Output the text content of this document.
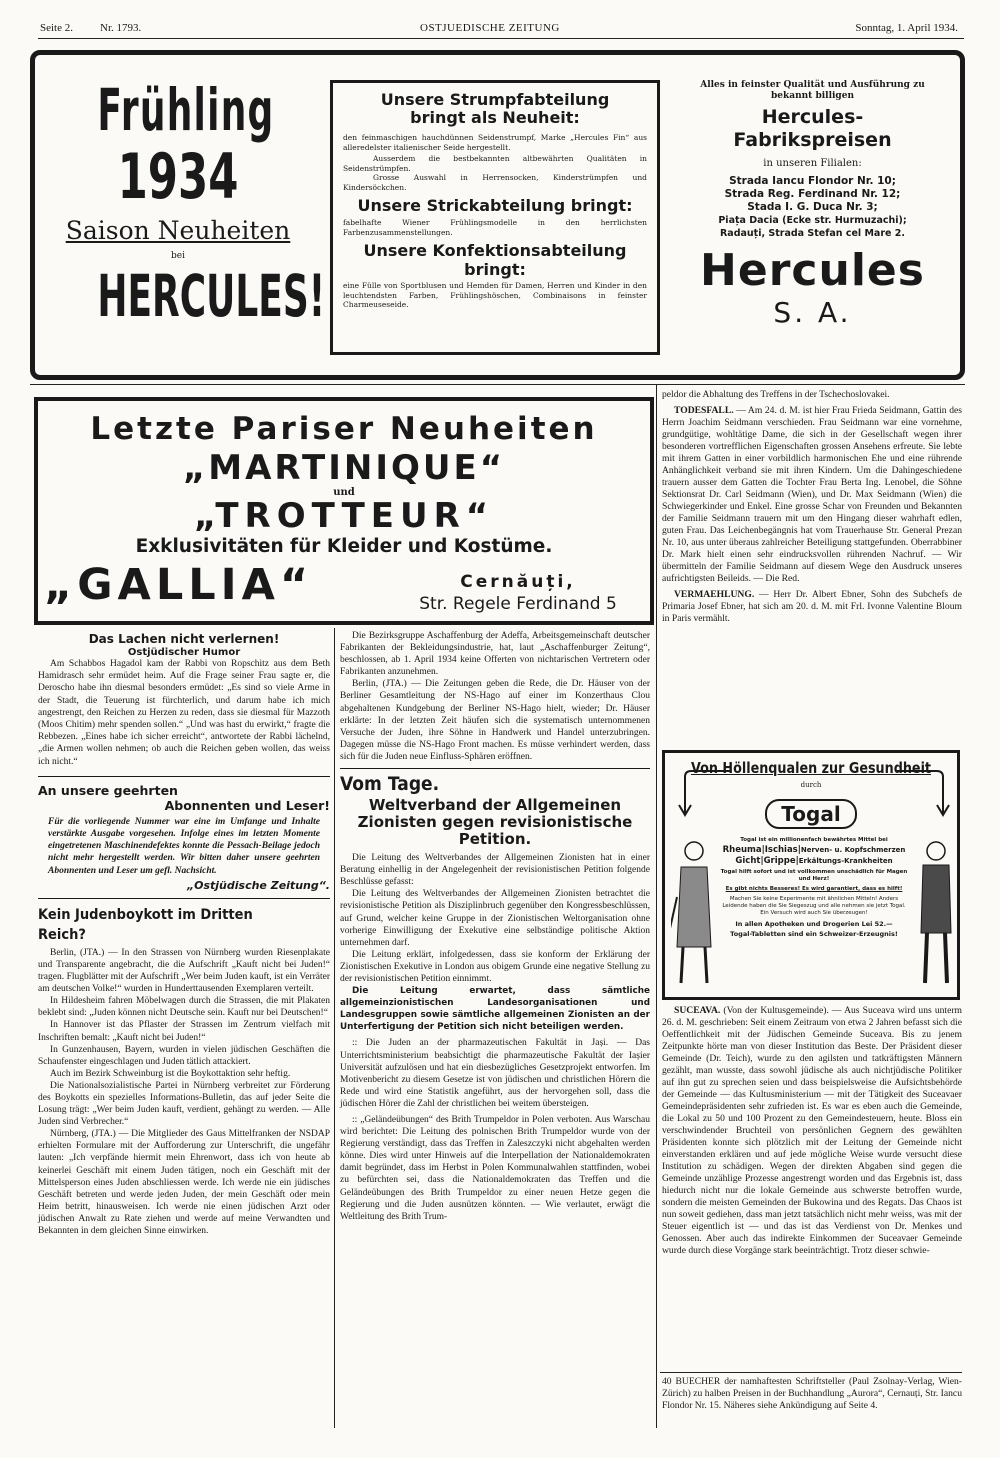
Seite 2. Nr. 1793.	OSTJUEDISCHE ZEITUNG	Sonntag, 1. April 1934.
Frühling
1934
Saison Neuheiten
bei
HERCULES!
Unsere Strumpfabteilung bringt als Neuheit:
den feinmaschigen hauchdünnen Seidenstrumpf, Marke „Hercules Fin“ aus alleredelster italienischer Seide hergestellt.
Ausserdem die bestbekannten altbewährten Qualitäten in Seidenstrümpfen.
Grosse Auswahl in Herrensocken, Kinderstrümpfen und Kindersöckchen.
Unsere Strickabteilung bringt:
fabelhafte Wiener Frühlingsmodelle in den herrlichsten Farbenzusammenstellungen.
Unsere Konfektionsabteilung bringt:
eine Fülle von Sportblusen und Hemden für Damen, Herren und Kinder in den leuchtendsten Farben, Frühlingshöschen, Combinaisons in feinster Charmeuseseide.
Alles in feinster Qualität und Ausführung zu bekannt billigen
Hercules-Fabrikspreisen
in unseren Filialen:
Strada Iancu Flondor Nr. 10;
Strada Reg. Ferdinand Nr. 12;
Stada I. G. Duca Nr. 3;
Piața Dacia (Ecke str. Hurmuzachi);
Radauți, Strada Stefan cel Mare 2.
Hercules
S. A.
Letzte Pariser Neuheiten
„MARTINIQUE“
und
„TROTTEUR“
Exklusivitäten für Kleider und Kostüme.
„GALLIA“	Cernăuți,
Str. Regele Ferdinand 5

peldor die Abhaltung des Treffens in der Tschechoslovakei.

TODESFALL. — Am 24. d. M. ist hier Frau Frieda Seidmann, Gattin des Herrn Joachim Seidmann verschieden. Frau Seidmann war eine vornehme, grundgütige, wohltätige Dame, die sich in der Gesellschaft wegen ihrer besonderen vortrefflichen Eigenschaften grossen Ansehens erfreute. Sie lebte mit ihrem Gatten in einer vorbildlich harmonischen Ehe und eine rührende Anhänglichkeit verband sie mit ihren Kindern. Um die Dahingeschiedene trauern ausser dem Gatten die Tochter Frau Berta Ing. Lenobel, die Söhne Sektionsrat Dr. Carl Seidmann (Wien), und Dr. Max Seidmann (Wien) die Schwiegerkinder und Enkel. Eine grosse Schar von Freunden und Bekannten der Familie Seidmann trauern mit um den Hingang dieser wahrhaft edlen, guten Frau. Das Leichenbegängnis hat vom Trauerhause Str. General Prezan Nr. 10, aus unter überaus zahlreicher Beteiligung stattgefunden. Oberrabbiner Dr. Mark hielt einen sehr eindrucksvollen rührenden Nachruf. — Wir übermitteln der Familie Seidmann auf diesem Wege den Ausdruck unseres aufrichtigsten Beileids. — Die Red.

VERMAEHLUNG. — Herr Dr. Albert Ebner, Sohn des Subchefs de Primaria Josef Ebner, hat sich am 20. d. M. mit Frl. Ivonne Valentine Bloum in Paris vermählt.

Von Höllenqualen zur Gesundheit
durch
Togal
Togal ist ein millionenfach bewährtes Mittel bei
Rheuma | Ischias | Nerven- u. Kopfschmerzen
Gicht | Grippe | Erkältungs-Krankheiten
Togal hilft sofort und ist vollkommen unschädlich für Magen und Herz!
Es gibt nichts Besseres! Es wird garantiert, dass es hilft!
Machen Sie keine Experimente mit ähnlichen Mitteln! Anders Leidende haben die Sie Siegeszug und alle nehmen sie jetzt Togal. Ein Versuch wird auch Sie überzeugen!
In allen Apotheken und Drogerien Lei 52.—
Togal-Tabletten sind ein Schweizer-Erzeugnis!

SUCEAVA. (Von der Kultusgemeinde). — Aus Suceava wird uns unterm 26. d. M. geschrieben: Seit einem Zeitraum von etwa 2 Jahren befasst sich die Oeffentlichkeit mit der Jüdischen Gemeinde Suceava. Bis zu jenem Zeitpunkte hörte man von dieser Institution das Beste. Der Präsident dieser Gemeinde (Dr. Teich), wurde zu den agilsten und tatkräftigsten Männern gezählt, man wusste, dass sowohl jüdische als auch nichtjüdische Politiker auf ihn gut zu sprechen seien und dass beispielsweise die Aufsichtsbehörde der Gemeinde — das Kultusministerium — mit der Tätigkeit des Suceavaer Gemeindepräsidenten sehr zufrieden ist. Es war es eben auch die Gemeinde, die Lokal zu 50 und 100 Prozent zu den Gemeindesteuern, heute. Bloss ein verschwindender Bruchteil von persönlichen Gegnern des gewählten Präsidenten konnte sich plötzlich mit der Leitung der Gemeinde nicht einverstanden erklären und auf jede mögliche Weise wurde versucht diese Institution zu schädigen. Wegen der direkten Abgaben sind gegen die Gemeinde unzählige Prozesse angestrengt worden und das Ergebnis ist, dass hiedurch nicht nur die lokale Gemeinde aus schwerste betroffen wurde, sondern die meisten Gemeinden der Bukowina und des Regats. Das Chaos ist nun soweit gediehen, dass man jetzt tatsächlich nicht mehr weiss, was mit der Steuer eigentlich ist — und das ist das Verdienst von Dr. Menkes und Genossen. Aber auch das indirekte Einkommen der Suceavaer Gemeinde wurde durch diese Vorgänge stark beeinträchtigt. Trotz dieser schwie-

40 BUECHER der namhaftesten Schriftsteller (Paul Zsolnay-Verlag, Wien-Zürich) zu halben Preisen in der Buchhandlung „Aurora“, Cernauți, Str. Iancu Flondor Nr. 15. Näheres siehe Ankündigung auf Seite 4.
Das Lachen nicht verlernen!
Ostjüdischer Humor

Am Schabbos Hagadol kam der Rabbi von Ropschitz aus dem Beth Hamidrasch sehr ermüdet heim. Auf die Frage seiner Frau sagte er, die Deroscho habe ihn diesmal besonders ermüdet: „Es sind so viele Arme in der Stadt, die Teuerung ist fürchterlich, und darum habe ich mich angestrengt, den Reichen zu Herzen zu reden, dass sie diesmal für Mazzoth (Moos Chitim) mehr spenden sollen.“ „Und was hast du erwirkt,“ fragte die Rebbezen. „Eines habe ich sicher erreicht“, antwortete der Rabbi lächelnd, „die Armen wollen nehmen; ob auch die Reichen geben wollen, das weiss ich nicht.“

An unsere geehrten
Abonnenten und Leser!
Für die vorliegende Nummer war eine im Umfange und Inhalte verstärkte Ausgabe vorgesehen. Infolge eines im letzten Momente eingetretenen Maschinendefektes konnte die Pessach-Beilage jedoch nicht mehr hergestellt werden. Wir bitten daher unsere geehrten Abonnenten und Leser um gefl. Nachsicht.
„Ostjüdische Zeitung“.
Kein Judenboykott im Dritten Reich?

Berlin, (JTA.) — In den Strassen von Nürnberg wurden Riesenplakate und Transparente angebracht, die die Aufschrift „Kauft nicht bei Juden!“ tragen. Flugblätter mit der Aufschrift „Wer beim Juden kauft, ist ein Verräter am deutschen Volke!“ wurden in Hunderttausenden Exemplaren verteilt.

In Hildesheim fahren Möbelwagen durch die Strassen, die mit Plakaten beklebt sind: „Juden können nicht Deutsche sein. Kauft nur bei Deutschen!“

In Hannover ist das Pflaster der Strassen im Zentrum vielfach mit Inschriften bemalt: „Kauft nicht bei Juden!“

In Gunzenhausen, Bayern, wurden in vielen jüdischen Geschäften die Schaufenster eingeschlagen und Juden tätlich attackiert.

Auch im Bezirk Schweinburg ist die Boykottaktion sehr heftig.

Die Nationalsozialistische Partei in Nürnberg verbreitet zur Förderung des Boykotts ein spezielles Informations-Bulletin, das auf jeder Seite die Losung trägt: „Wer beim Juden kauft, verdient, gehängt zu werden. — Alle Juden sind Verbrecher.“

Nürnberg, (JTA.) — Die Mitglieder des Gaus Mittelfranken der NSDAP erhielten Formulare mit der Aufforderung zur Unterschrift, die ungefähr lauten: „Ich verpfände hiermit mein Ehrenwort, dass ich von heute ab keinerlei Geschäft mit einem Juden tätigen, noch ein Geschäft mit der Mittelsperson eines Juden abschliessen werde. Ich werde nie ein jüdisches Geschäft betreten und werde jeden Juden, der mein Geschäft oder mein Heim betritt, hinausweisen. Ich werde nie einen jüdischen Arzt oder jüdischen Anwalt zu Rate ziehen und werde auf meine Verwandten und Bekannten in dem gleichen Sinne einwirken.

Die Bezirksgruppe Aschaffenburg der Adeffa, Arbeitsgemeinschaft deutscher Fabrikanten der Bekleidungsindustrie, hat, laut „Aschaffenburger Zeitung“, beschlossen, ab 1. April 1934 keine Offerten von nichtarischen Vertretern oder Fabrikanten anzunehmen.

Berlin, (JTA.) — Die Zeitungen geben die Rede, die Dr. Häuser von der Berliner Gesamtleitung der NS-Hago auf einer im Konzerthaus Clou abgehaltenen Kundgebung der Berliner NS-Hago hielt, wieder; Dr. Häuser erklärte: In der letzten Zeit häufen sich die systematisch unternommenen Versuche der Juden, ihre Söhne in Handwerk und Handel unterzubringen. Dagegen müsse die NS-Hago Front machen. Es müsse verhindert werden, dass sich für die Juden neue Einfluss-Sphären eröffnen.

Vom Tage.
Weltverband der Allgemeinen Zionisten gegen revisionistische Petition.

Die Leitung des Weltverbandes der Allgemeinen Zionisten hat in einer Beratung einhellig in der Angelegenheit der revisionistischen Petition folgende Beschlüsse gefasst:

Die Leitung des Weltverbandes der Allgemeinen Zionisten betrachtet die revisionistische Petition als Disziplinbruch gegenüber den Kongressbeschlüssen, auf Grund, welcher keine Gruppe in der Zionistischen Weltorganisation ohne vorherige Einwilligung der Exekutive eine selbständige politische Aktion unternehmen darf.

Die Leitung erklärt, infolgedessen, dass sie konform der Erklärung der Zionistischen Exekutive in London aus obigem Grunde eine negative Stellung zu der revisionistischen Petition einnimmt.

Die Leitung erwartet, dass sämtliche allgemeinzionistischen Landesorganisationen und Landesgruppen sowie sämtliche allgemeinen Zionisten an der Unterfertigung der Petition sich nicht beteiligen werden.

:: Die Juden an der pharmazeutischen Fakultät in Jași. — Das Unterrichtsministerium beabsichtigt die pharmazeutische Fakultät der Iașier Universität aufzulösen und hat ein diesbezügliches Gesetzprojekt entworfen. Im Motivenbericht zu diesem Gesetze ist von jüdischen und christlichen Hörern die Rede und wird eine Statistik angeführt, aus der hervorgehen soll, dass die jüdischen Hörer die Zahl der christlichen bei weitem übersteigen.

:: „Geländeübungen“ des Brith Trumpeldor in Polen verboten. Aus Warschau wird berichtet: Die Leitung des polnischen Brith Trumpeldor wurde von der Regierung verständigt, dass das Treffen in Zaleszczyki nicht abgehalten werden könne. Dies wird unter Hinweis auf die Interpellation der Nationaldemokraten damit begründet, dass im Herbst in Polen Kommunalwahlen stattfinden, wobei zu befürchten sei, dass die Nationaldemokraten das Treffen und die Geländeübungen des Brith Trumpeldor zu einer neuen Hetze gegen die Regierung und die Juden ausnützen könnten. — Wie verlautet, erwägt die Weltleitung des Brith Trum-
